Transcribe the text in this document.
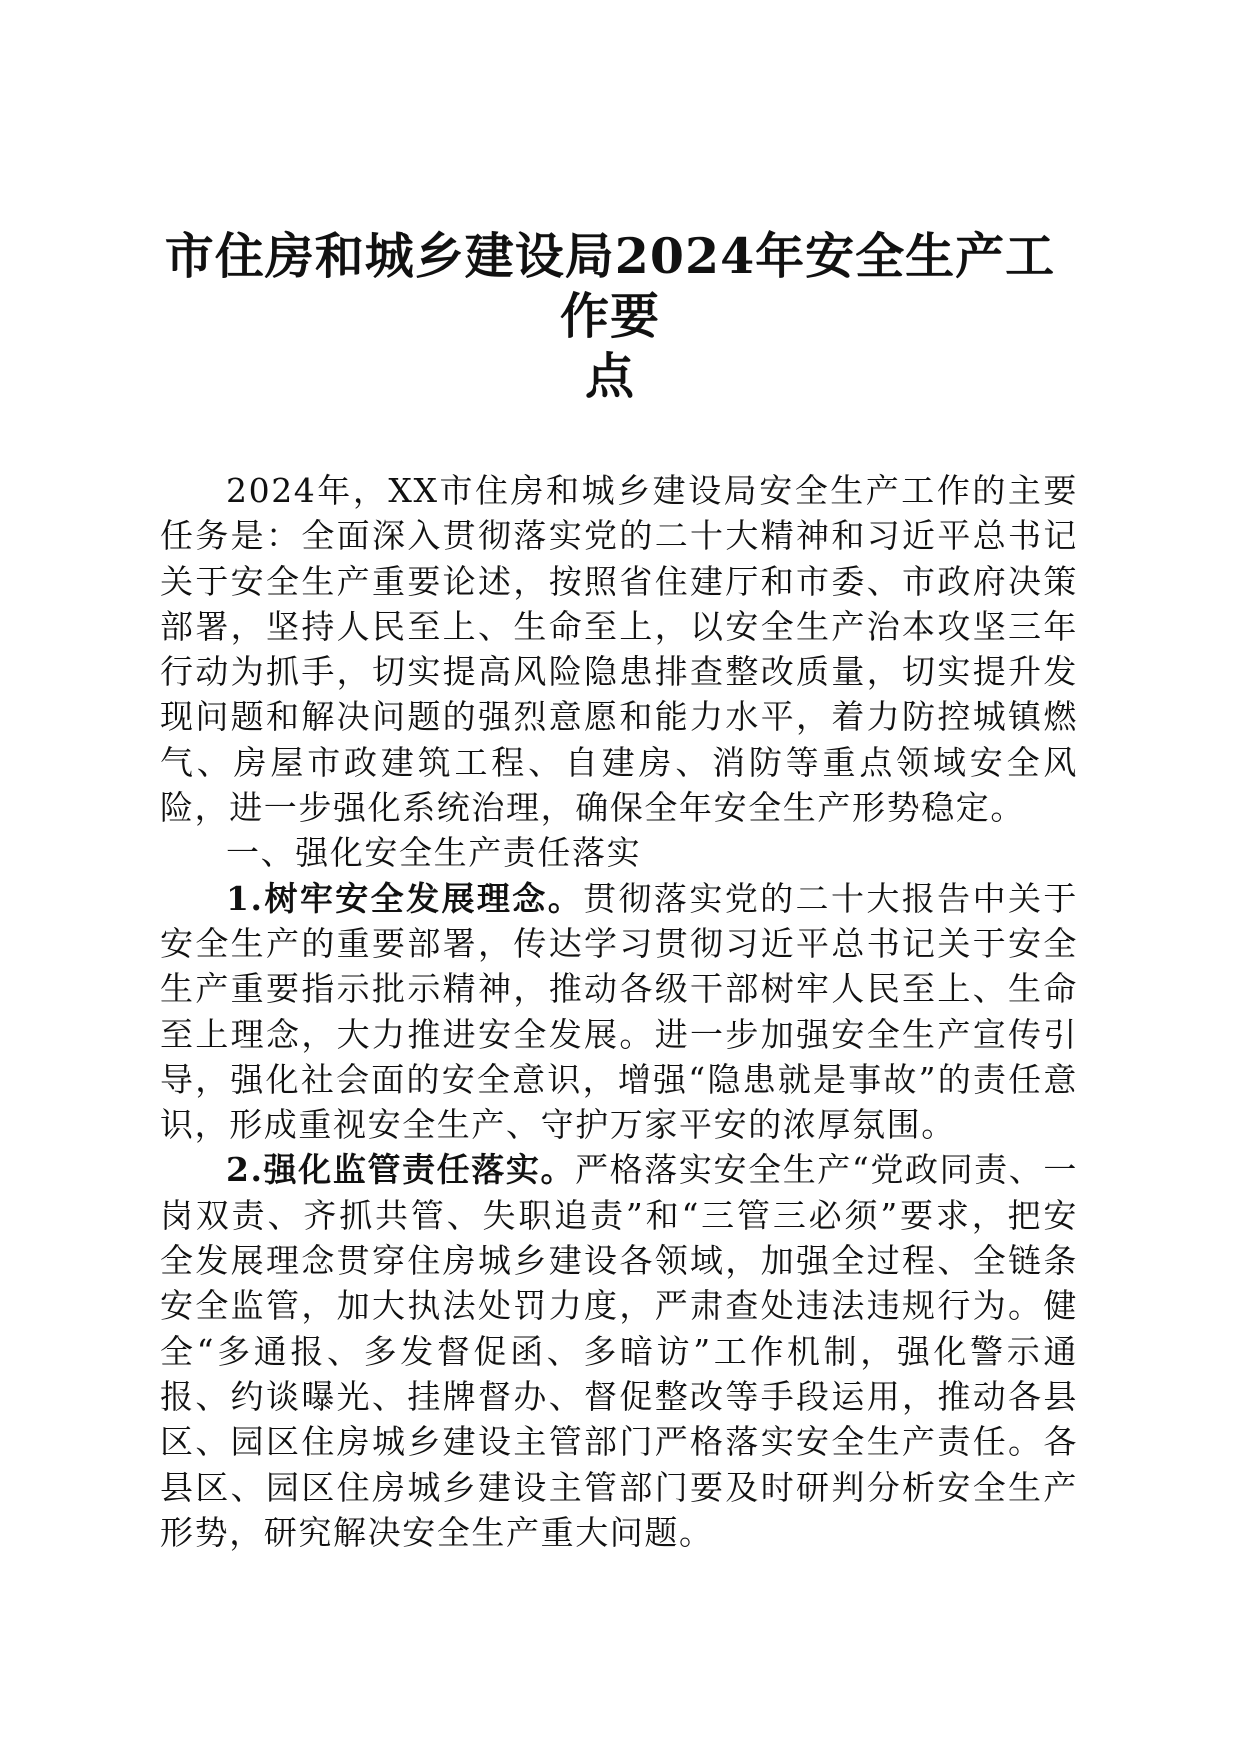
市住房和城乡建设局2024年安全生产工作要
点

2024年，XX市住房和城乡建设局安全生产工作的主要任务是：全面深入贯彻落实党的二十大精神和习近平总书记关于安全生产重要论述，按照省住建厅和市委、市政府决策部署，坚持人民至上、生命至上，以安全生产治本攻坚三年行动为抓手，切实提高风险隐患排查整改质量，切实提升发现问题和解决问题的强烈意愿和能力水平，着力防控城镇燃气、房屋市政建筑工程、自建房、消防等重点领域安全风险，进一步强化系统治理，确保全年安全生产形势稳定。

一、强化安全生产责任落实

1.树牢安全发展理念。贯彻落实党的二十大报告中关于安全生产的重要部署，传达学习贯彻习近平总书记关于安全生产重要指示批示精神，推动各级干部树牢人民至上、生命至上理念，大力推进安全发展。进一步加强安全生产宣传引导，强化社会面的安全意识，增强“隐患就是事故”的责任意识，形成重视安全生产、守护万家平安的浓厚氛围。

2.强化监管责任落实。严格落实安全生产“党政同责、一岗双责、齐抓共管、失职追责”和“三管三必须”要求，把安全发展理念贯穿住房城乡建设各领域，加强全过程、全链条安全监管，加大执法处罚力度，严肃查处违法违规行为。健全“多通报、多发督促函、多暗访”工作机制，强化警示通报、约谈曝光、挂牌督办、督促整改等手段运用，推动各县区、园区住房城乡建设主管部门严格落实安全生产责任。各县区、园区住房城乡建设主管部门要及时研判分析安全生产形势，研究解决安全生产重大问题。
